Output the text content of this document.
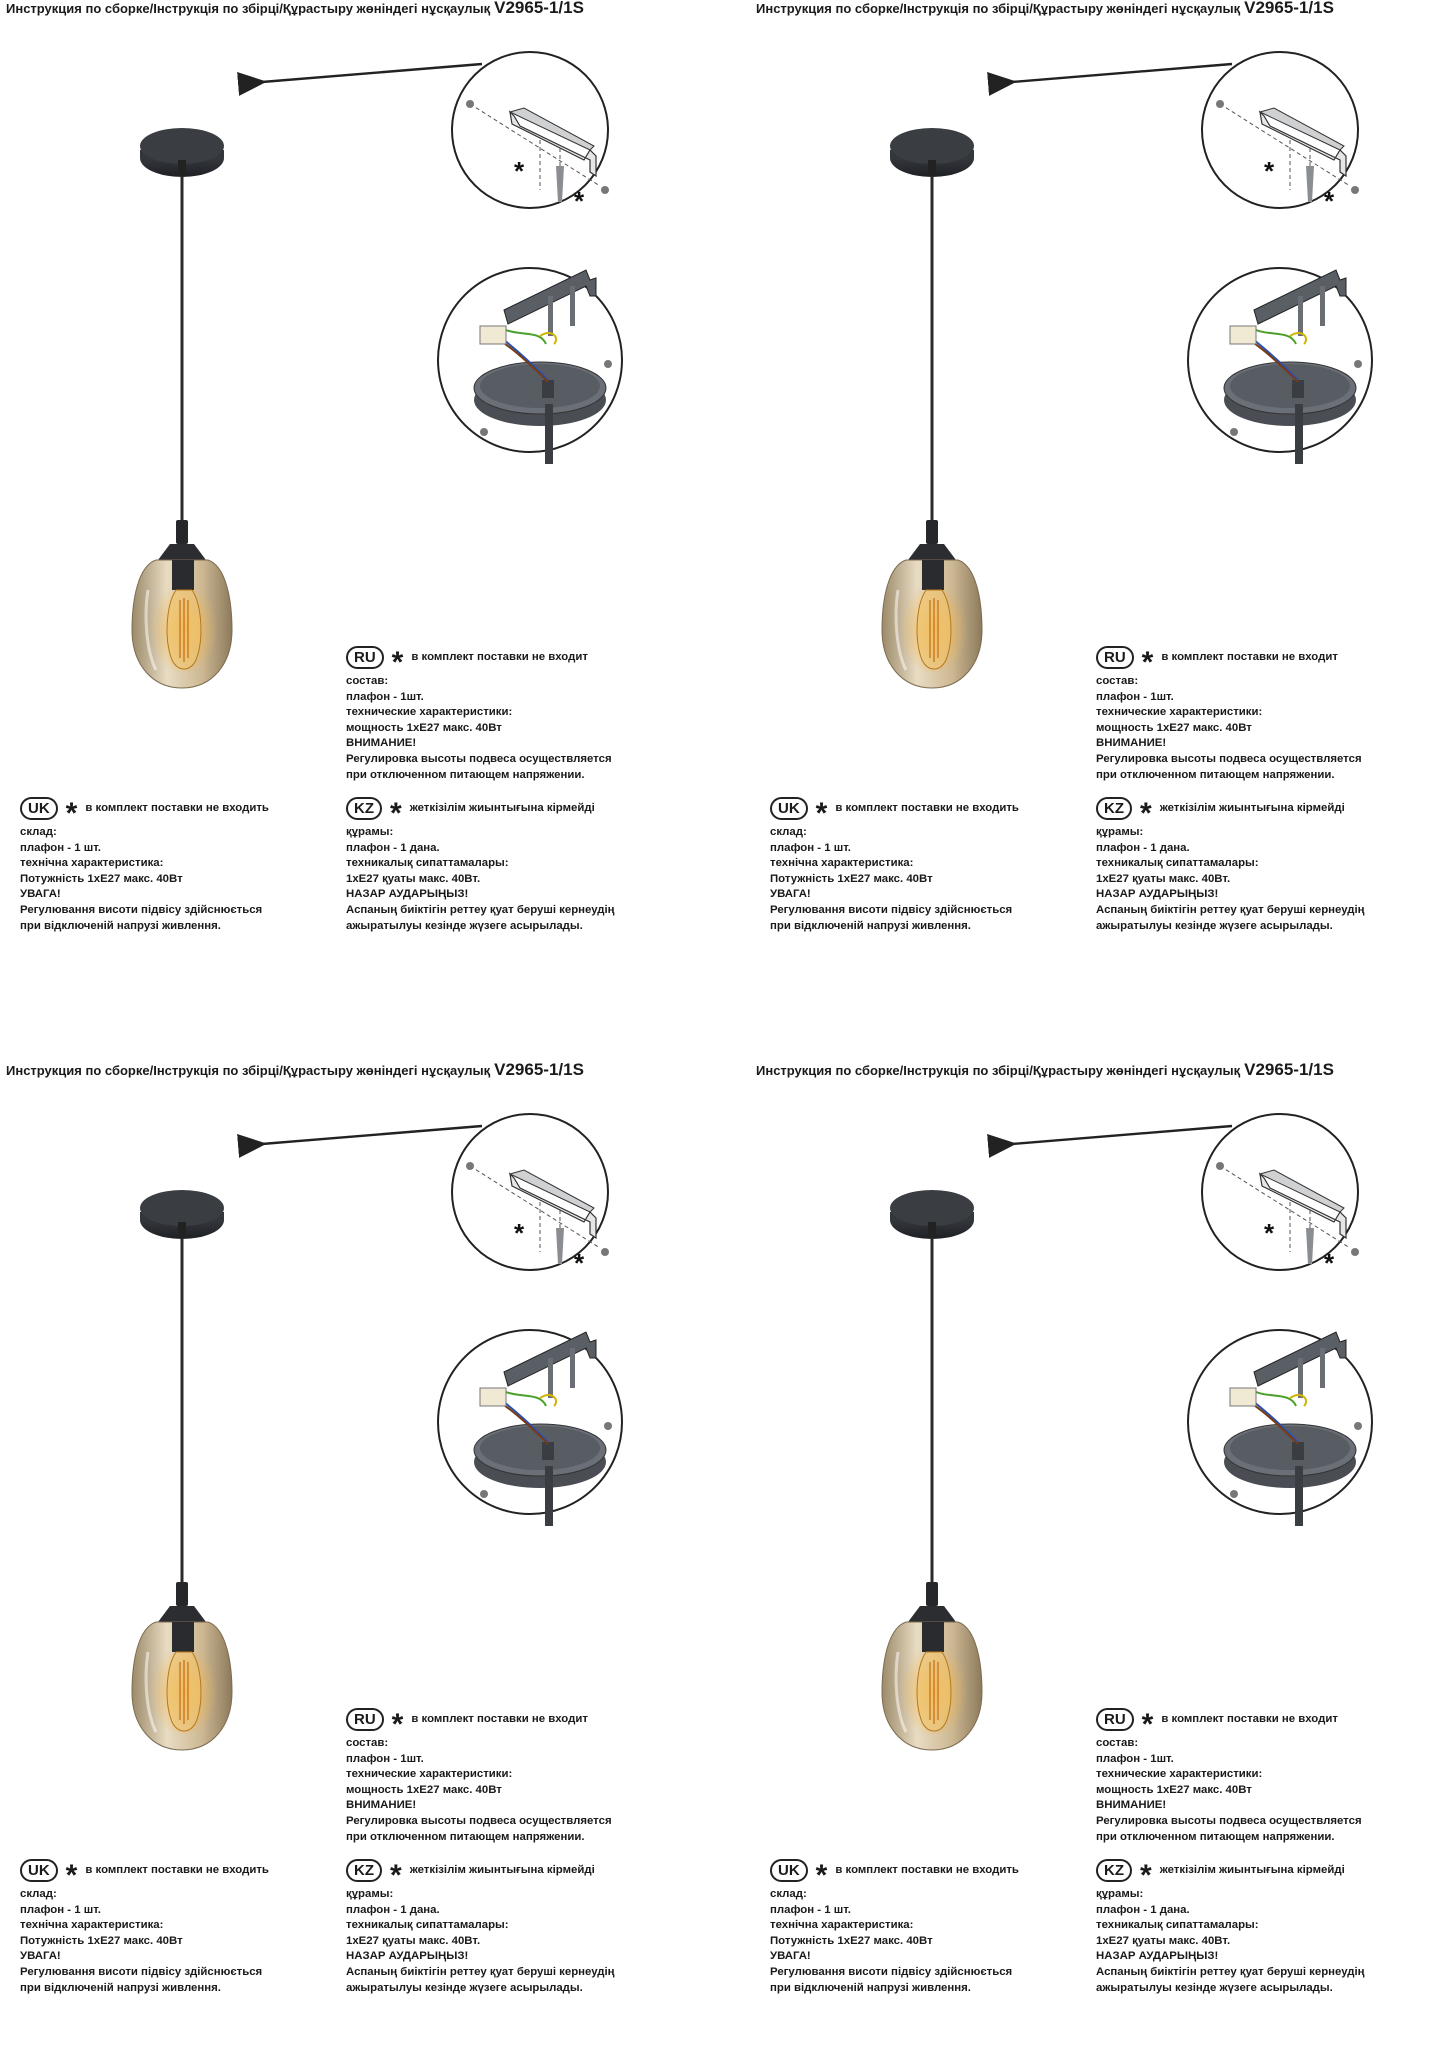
Инструкция по сборке/Інструкція по збірці/Құрастыру жөніндегі нұсқаулық V2965-1/1S
*
*
RU * в комплект поставки не входит
состав:
плафон - 1шт.
технические характеристики:
мощность 1xE27 макс. 40Вт
ВНИМАНИЕ!
Регулировка высоты подвеса осуществляется
при отключенном питающем напряжении.
UK * в комплект поставки не входить
склад:
плафон - 1 шт.
технічна характеристика:
Потужність 1хЕ27 макс. 40Вт
УВАГА!
Регулювання висоти підвісу здійснюється
при відключеній напрузі живлення.
KZ * жеткізілім жиынтығына кірмейді
құрамы:
плафон - 1 дана.
техникалық сипаттамалары:
1хЕ27 қуаты макс. 40Вт.
НАЗАР АУДАРЫҢЫЗ!
Аспаның биіктігін реттеу қуат беруші кернеудің
ажыратылуы кезінде жүзеге асырылады.
Инструкция по сборке/Інструкція по збірці/Құрастыру жөніндегі нұсқаулық V2965-1/1S
*
*
RU * в комплект поставки не входит
состав:
плафон - 1шт.
технические характеристики:
мощность 1xE27 макс. 40Вт
ВНИМАНИЕ!
Регулировка высоты подвеса осуществляется
при отключенном питающем напряжении.
UK * в комплект поставки не входить
склад:
плафон - 1 шт.
технічна характеристика:
Потужність 1хЕ27 макс. 40Вт
УВАГА!
Регулювання висоти підвісу здійснюється
при відключеній напрузі живлення.
KZ * жеткізілім жиынтығына кірмейді
құрамы:
плафон - 1 дана.
техникалық сипаттамалары:
1хЕ27 қуаты макс. 40Вт.
НАЗАР АУДАРЫҢЫЗ!
Аспаның биіктігін реттеу қуат беруші кернеудің
ажыратылуы кезінде жүзеге асырылады.
Инструкция по сборке/Інструкція по збірці/Құрастыру жөніндегі нұсқаулық V2965-1/1S
*
*
RU * в комплект поставки не входит
состав:
плафон - 1шт.
технические характеристики:
мощность 1xE27 макс. 40Вт
ВНИМАНИЕ!
Регулировка высоты подвеса осуществляется
при отключенном питающем напряжении.
UK * в комплект поставки не входить
склад:
плафон - 1 шт.
технічна характеристика:
Потужність 1хЕ27 макс. 40Вт
УВАГА!
Регулювання висоти підвісу здійснюється
при відключеній напрузі живлення.
KZ * жеткізілім жиынтығына кірмейді
құрамы:
плафон - 1 дана.
техникалық сипаттамалары:
1хЕ27 қуаты макс. 40Вт.
НАЗАР АУДАРЫҢЫЗ!
Аспаның биіктігін реттеу қуат беруші кернеудің
ажыратылуы кезінде жүзеге асырылады.
Инструкция по сборке/Інструкція по збірці/Құрастыру жөніндегі нұсқаулық V2965-1/1S
*
*
RU * в комплект поставки не входит
состав:
плафон - 1шт.
технические характеристики:
мощность 1xE27 макс. 40Вт
ВНИМАНИЕ!
Регулировка высоты подвеса осуществляется
при отключенном питающем напряжении.
UK * в комплект поставки не входить
склад:
плафон - 1 шт.
технічна характеристика:
Потужність 1хЕ27 макс. 40Вт
УВАГА!
Регулювання висоти підвісу здійснюється
при відключеній напрузі живлення.
KZ * жеткізілім жиынтығына кірмейді
құрамы:
плафон - 1 дана.
техникалық сипаттамалары:
1хЕ27 қуаты макс. 40Вт.
НАЗАР АУДАРЫҢЫЗ!
Аспаның биіктігін реттеу қуат беруші кернеудің
ажыратылуы кезінде жүзеге асырылады.
